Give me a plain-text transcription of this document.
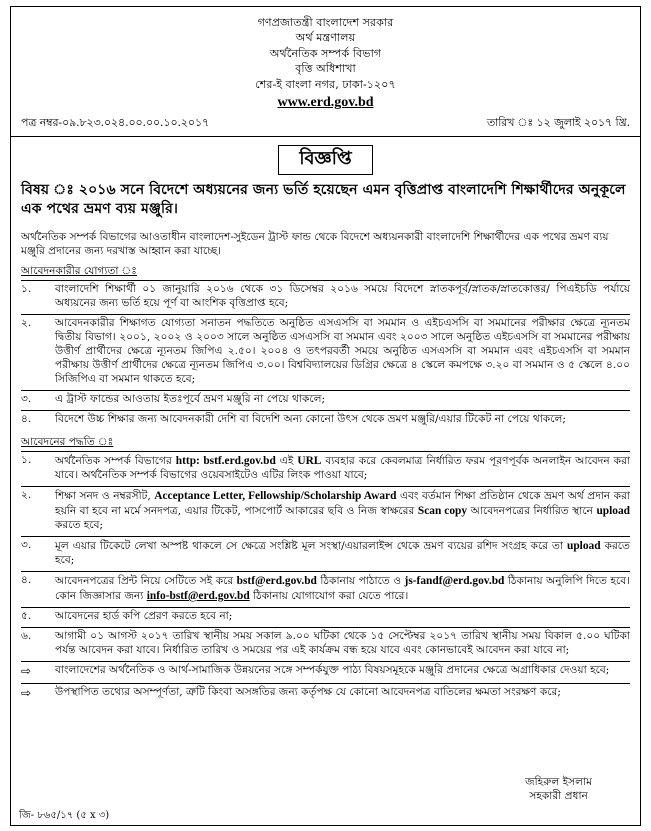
গণপ্রজাতন্ত্রী বাংলাদেশ সরকার
অর্থ মন্ত্রণালয়
অর্থনৈতিক সম্পর্ক বিভাগ
বৃত্তি অধিশাখা
শের-ই বাংলা নগর, ঢাকা-১২০৭
www.erd.gov.bd
পত্র নম্বর-০৯.৮২৩.০২৪.০০.০০.১০.২০১৭	তারিখ ঃ ১২ জুলাই ২০১৭ খ্রি.
বিজ্ঞপ্তি
বিষয় ঃ ২০১৬ সনে বিদেশে অধ্যয়নের জন্য ভর্তি হয়েছেন এমন বৃত্তিপ্রাপ্ত বাংলাদেশি শিক্ষার্থীদের অনুকূলে এক পথের ভ্রমণ ব্যয় মঞ্জুরি।
অর্থনৈতিক সম্পর্ক বিভাগের আওতাধীন বাংলাদেশ-সুইডেন ট্রাস্ট ফান্ড থেকে বিদেশে অধ্যয়নকারী বাংলাদেশি শিক্ষার্থীদের এক পথের ভ্রমণ ব্যয় মঞ্জুরি প্রদানের জন্য দরখাস্ত আহ্বান করা যাচ্ছে।
আবেদনকারীর যোগ্যতা ঃ
১.	বাংলাদেশি শিক্ষার্থী ০১ জানুয়ারি ২০১৬ থেকে ৩১ ডিসেম্বর ২০১৬ সময়ে বিদেশে স্নাতকপূর্ব/স্নাতক/স্নাতকোত্তর/ পিএইচডি পর্যায়ে অধ্যয়নের জন্য ভর্তি হয়ে পূর্ণ বা আংশিক বৃত্তিপ্রাপ্ত হবে;
২.	আবেদনকারীর শিক্ষাগত যোগ্যতা সনাতন পদ্ধতিতে অনুষ্ঠিত এসএসসি বা সমমান ও এইচএসসি বা সমমানের পরীক্ষার ক্ষেত্রে ন্যূনতম দ্বিতীয় বিভাগ। ২০০১, ২০০২ ও ২০০৩ সালে অনুষ্ঠিত এসএসসি বা সমমান এবং ২০০৩ সালে অনুষ্ঠিত এইচএসসি বা সমমানের পরীক্ষায় উত্তীর্ণ প্রার্থীদের ক্ষেত্রে ন্যূনতম জিপিএ ২.৫০। ২০০৪ ও তৎপরবর্তী সময়ে অনুষ্ঠিত এসএসসি বা সমমান এবং এইচএসসি বা সমমান পরীক্ষায় উত্তীর্ণ প্রার্থীদের ক্ষেত্রে ন্যূনতম জিপিএ ৩.০০। বিশ্ববিদ্যালয়ের ডিগ্রির ক্ষেত্রে ৪ স্কেলে কমপক্ষে ৩.২০ বা সমমান ও ৫ স্কেলে ৪.০০ সিজিপিএ বা সমমান থাকতে হবে;
৩.	এ ট্রাস্ট ফান্ডের আওতায় ইতঃপূর্বে ভ্রমণ মঞ্জুরি না পেয়ে থাকলে;
৪.	বিদেশে উচ্চ শিক্ষার জন্য আবেদনকারী দেশি বা বিদেশি অন্য কোনো উৎস থেকে ভ্রমণ মঞ্জুরি/এয়ার টিকেট না পেয়ে থাকলে;
আবেদনের পদ্ধতি ঃ
১.	অর্থনৈতিক সম্পর্ক বিভাগের http: bstf.erd.gov.bd এই URL ব্যবহার করে কেবলমাত্র নির্ধারিত ফরম পূরণপূর্বক অনলাইন আবেদন করা যাবে। অর্থনৈতিক সম্পর্ক বিভাগের ওয়েবসাইটেও এটির লিংক পাওয়া যাবে;
২.	শিক্ষা সনদ ও নম্বরসীট, Acceptance Letter, Fellowship/Scholarship Award এবং বর্তমান শিক্ষা প্রতিষ্ঠান থেকে ভ্রমণ অর্থ প্রদান করা হয়নি বা হবে না মর্মে সনদপত্র, এয়ার টিকেট, পাসপোর্ট আকারের ছবি ও নিজ স্বাক্ষরের Scan copy আবেদনপত্রের নির্ধারিত স্থানে upload করতে হবে;
৩.	মূল এয়ার টিকেটে লেখা অস্পষ্ট থাকলে সে ক্ষেত্রে সংশ্লিষ্ট মূল সংস্থা/এয়ারলাইন্স থেকে ভ্রমণ ব্যয়ের রশিদ সংগ্রহ করে তা upload করতে হবে;
৪.	আবেদনপত্রের প্রিন্ট নিয়ে সেটিতে সই করে bstf@erd.gov.bd ঠিকানায় পাঠাতে ও js-fandf@erd.gov.bd ঠিকানায় অনুলিপি দিতে হবে। কোন জিজ্ঞাসার জন্য info-bstf@erd.gov.bd ঠিকানায় যোগাযোগ করা যেতে পারে।
৫.	আবেদনের হার্ড কপি প্রেরণ করতে হবে না;
৬.	আগামী ০১ আগস্ট ২০১৭ তারিখ স্থানীয় সময় সকাল ৯.০০ ঘটিকা থেকে ১৫ সেপ্টেম্বর ২০১৭ তারিখ স্থানীয় সময় বিকাল ৫.০০ ঘটিকা পর্যন্ত আবেদন করা যাবে। নির্ধারিত তারিখ ও সময়ের পর এই কার্যক্রম বন্ধ হয়ে যাবে এবং কোনভাবেই আবেদন করা যাবে না;
⇨	বাংলাদেশের অর্থনৈতিক ও আর্থ-সামাজিক উন্নয়নের সঙ্গে সম্পর্কযুক্ত পাঠ্য বিষয়সমূহকে মঞ্জুরি প্রদানের ক্ষেত্রে অগ্রাধিকার দেওয়া হবে;
⇨	উপস্থাপিত তথ্যের অসম্পূর্ণতা, ত্রুটি কিংবা অসঙ্গতির জন্য কর্তৃপক্ষ যে কোনো আবেদনপত্র বাতিলের ক্ষমতা সংরক্ষণ করে;
জহিরুল ইসলাম
সহকারী প্রধান
জি- ৮৬৫/১৭ (৫ x ৩)
